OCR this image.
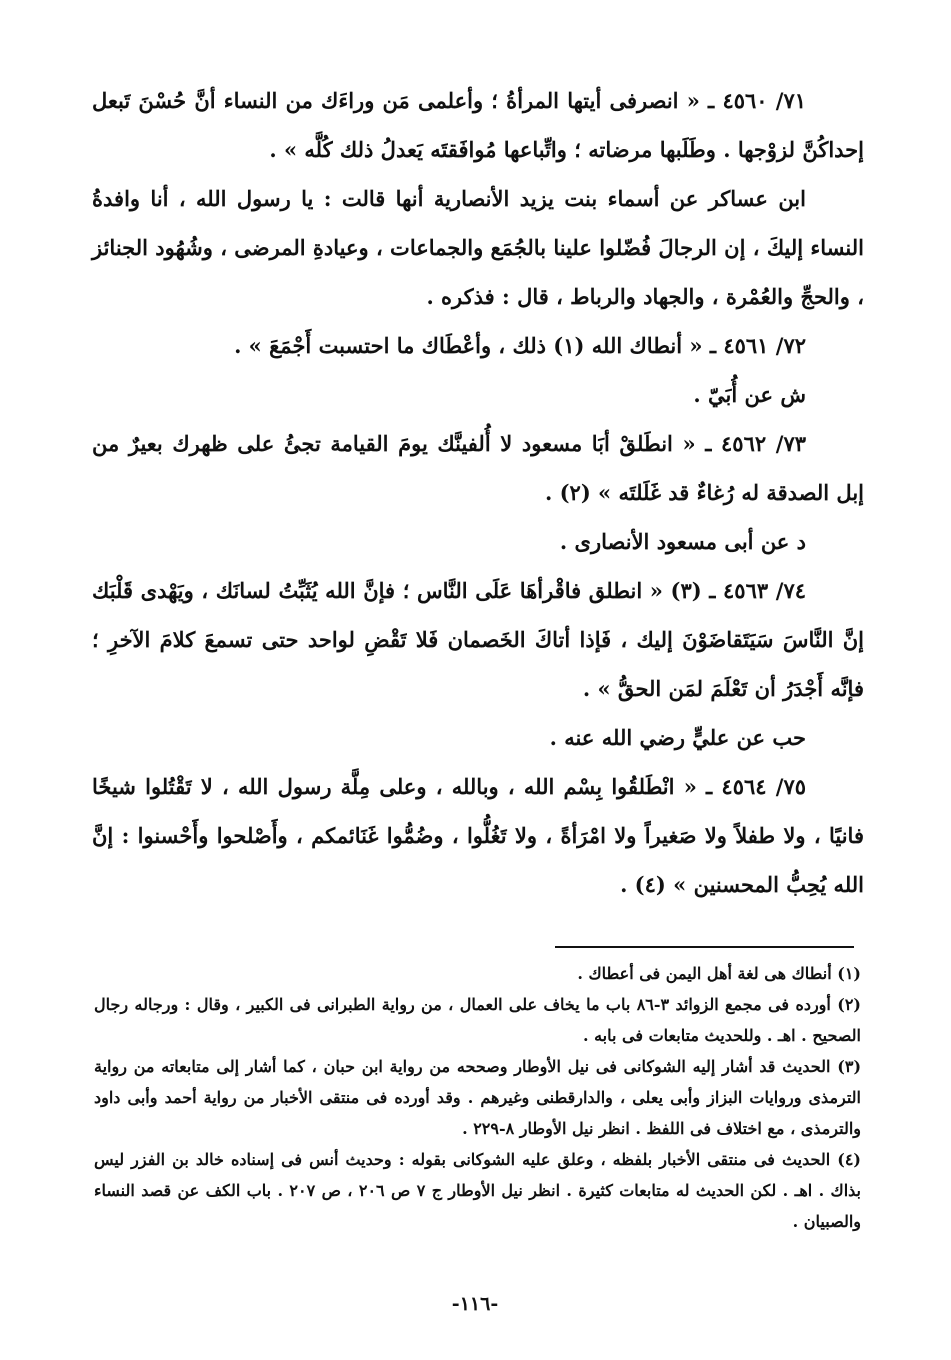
٧١/ ٤٥٦٠ ـ « انصرفى أيتها المرأةُ ؛ وأعلمى مَن وراءَك من النساء أنَّ حُسْنَ تَبعل إحداكُنَّ لزوْجها . وطَلَبها مرضاته ؛ واتِّباعها مُوافَقتَه يَعدلُ ذلك كُلَّه » .

ابن عساكر عن أسماء بنت يزيد الأنصارية أنها قالت : يا رسول الله ، أنا وافدةُ النساء إليكَ ، إن الرجالَ فُضّلوا علينا بالجُمَع والجماعات ، وعيادةِ المرضى ، وشُهُود الجنائز ، والحجِّ والعُمْرة ، والجهاد والرباط ، قال : فذكره .

٧٢/ ٤٥٦١ ـ « أنطاك الله (١) ذلك ، وأعْطَاك ما احتسبت أَجْمَعَ » .

ش عن أُبَيّ .

٧٣/ ٤٥٦٢ ـ « انطَلقْ أبَا مسعود لا أُلفينَّك يومَ القيامة تجئُ على ظهرك بعيرٌ من إبل الصدقة له رُغاءٌ قد غَلَلتَه » (٢) .

د عن أبى مسعود الأنصارى .

٧٤/ ٤٥٦٣ ـ (٣) « انطلق فاقْرأهَا عَلَى النَّاس ؛ فإنَّ الله يُثَبِّتُ لسانَك ، ويَهْدى قَلْبَك إنَّ النَّاسَ سَيَتَقاضَوْنَ إليك ، فَإذا أتاكَ الخَصمان فَلا تَقْضِ لواحد حتى تسمعَ كلامَ الآخرِ ؛ فإنَّه أَجْدَرُ أن تَعْلَمَ لمَن الحقُّ » .

حب عن عليٍّ رضي الله عنه .

٧٥/ ٤٥٦٤ ـ « انْطَلقُوا بِسْم الله ، وبالله ، وعلى مِلَّة رسول الله ، لا تَقْتُلوا شيخًا فانيًا ، ولا طفلاً ولا صَغيراً ولا امْرَأةً ، ولا تَغُلُّوا ، وضُمُّوا غَنَائمكم ، وأَصْلحوا وأَحْسنوا : إنَّ الله يُحِبُّ المحسنين » (٤) .

(١) أنطاك هى لغة أهل اليمن فى أعطاك .

(٢) أورده فى مجمع الزوائد ٣-٨٦ باب ما يخاف على العمال ، من رواية الطبرانى فى الكبير ، وقال : ورجاله رجال الصحيح . اهـ . وللحديث متابعات فى بابه .

(٣) الحديث قد أشار إليه الشوكانى فى نيل الأوطار وصححه من رواية ابن حبان ، كما أشار إلى متابعاته من رواية الترمذى وروايات البزاز وأبى يعلى ، والدارقطنى وغيرهم . وقد أورده فى منتقى الأخبار من رواية أحمد وأبى داود والترمذى ، مع اختلاف فى اللفظ . انظر نيل الأوطار ٨-٢٢٩ .

(٤) الحديث فى منتقى الأخبار بلفظه ، وعلق عليه الشوكانى بقوله : وحديث أنس فى إسناده خالد بن الفزر ليس بذاك . اهـ . لكن الحديث له متابعات كثيرة . انظر نيل الأوطار ج ٧ ص ٢٠٦ ، ص ٢٠٧ . باب الكف عن قصد النساء والصبيان .

-١١٦-
